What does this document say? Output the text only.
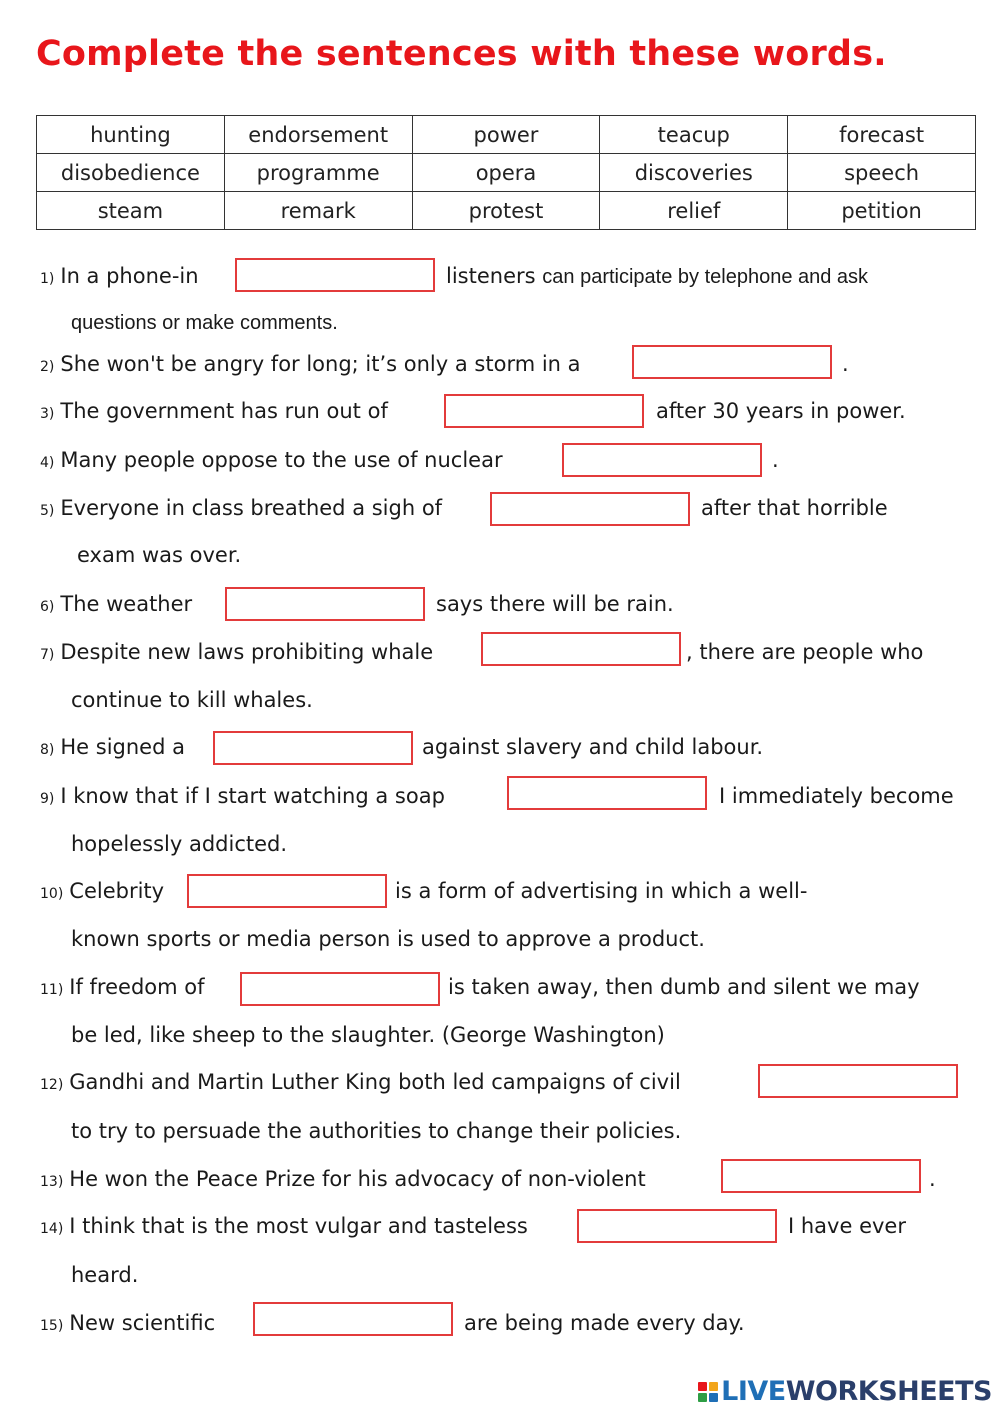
Complete the sentences with these words.
hunting	endorsement	power	teacup	forecast
disobedience	programme	opera	discoveries	speech
steam	remark	protest	relief	petition
1) In a phone-in	listeners can participate by telephone and ask
questions or make comments.
2) She won't be angry for long; it’s only a storm in a	.
3) The government has run out of	after 30 years in power.
4) Many people oppose to the use of nuclear	.
5) Everyone in class breathed a sigh of	after that horrible
exam was over.
6) The weather	says there will be rain.
7) Despite new laws prohibiting whale	, there are people who
continue to kill whales.
8) He signed a	against slavery and child labour.
9) I know that if I start watching a soap	I immediately become
hopelessly addicted.
10) Celebrity	is a form of advertising in which a well-
known sports or media person is used to approve a product.
11) If freedom of	is taken away, then dumb and silent we may
be led, like sheep to the slaughter. (George Washington)
12) Gandhi and Martin Luther King both led campaigns of civil
to try to persuade the authorities to change their policies.
13) He won the Peace Prize for his advocacy of non-violent	.
14) I think that is the most vulgar and tasteless	I have ever
heard.
15) New scientific	are being made every day.
LIVE WORKSHEETS
